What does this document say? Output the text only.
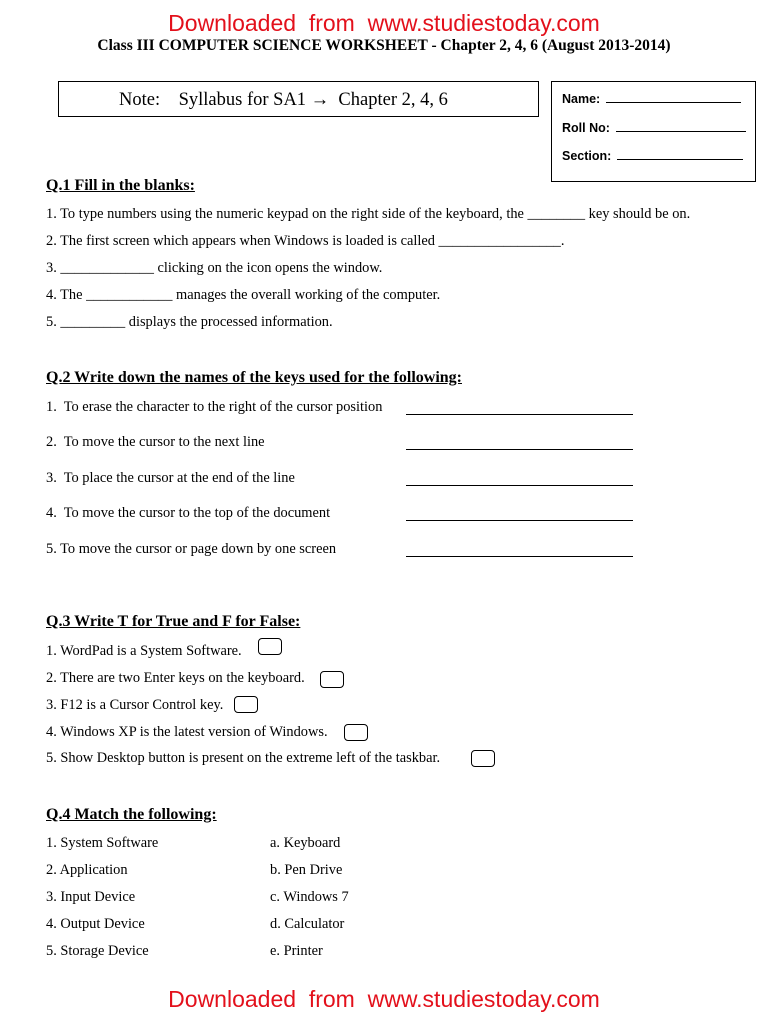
Downloaded  from  www.studiestoday.com
Class III COMPUTER SCIENCE WORKSHEET - Chapter 2, 4, 6 (August 2013-2014)
Note:    Syllabus for SA1 →  Chapter 2, 4, 6	Name:
Roll No:
Section:
Q.1 Fill in the blanks:
1. To type numbers using the numeric keypad on the right side of the keyboard, the ________ key should be on.
2. The first screen which appears when Windows is loaded is called _________________.
3. _____________ clicking on the icon opens the window.
4. The ____________ manages the overall working of the computer.
5. _________ displays the processed information.
Q.2 Write down the names of the keys used for the following:
1.  To erase the character to the right of the cursor position
2.  To move the cursor to the next line
3.  To place the cursor at the end of the line
4.  To move the cursor to the top of the document
5. To move the cursor or page down by one screen
Q.3 Write T for True and F for False:
1. WordPad is a System Software.
2. There are two Enter keys on the keyboard.
3. F12 is a Cursor Control key.
4. Windows XP is the latest version of Windows.
5. Show Desktop button is present on the extreme left of the taskbar.
Q.4 Match the following:
1. System Software	a. Keyboard
2. Application	b. Pen Drive
3. Input Device	c. Windows 7
4. Output Device	d. Calculator
5. Storage Device	e. Printer
Downloaded  from  www.studiestoday.com
